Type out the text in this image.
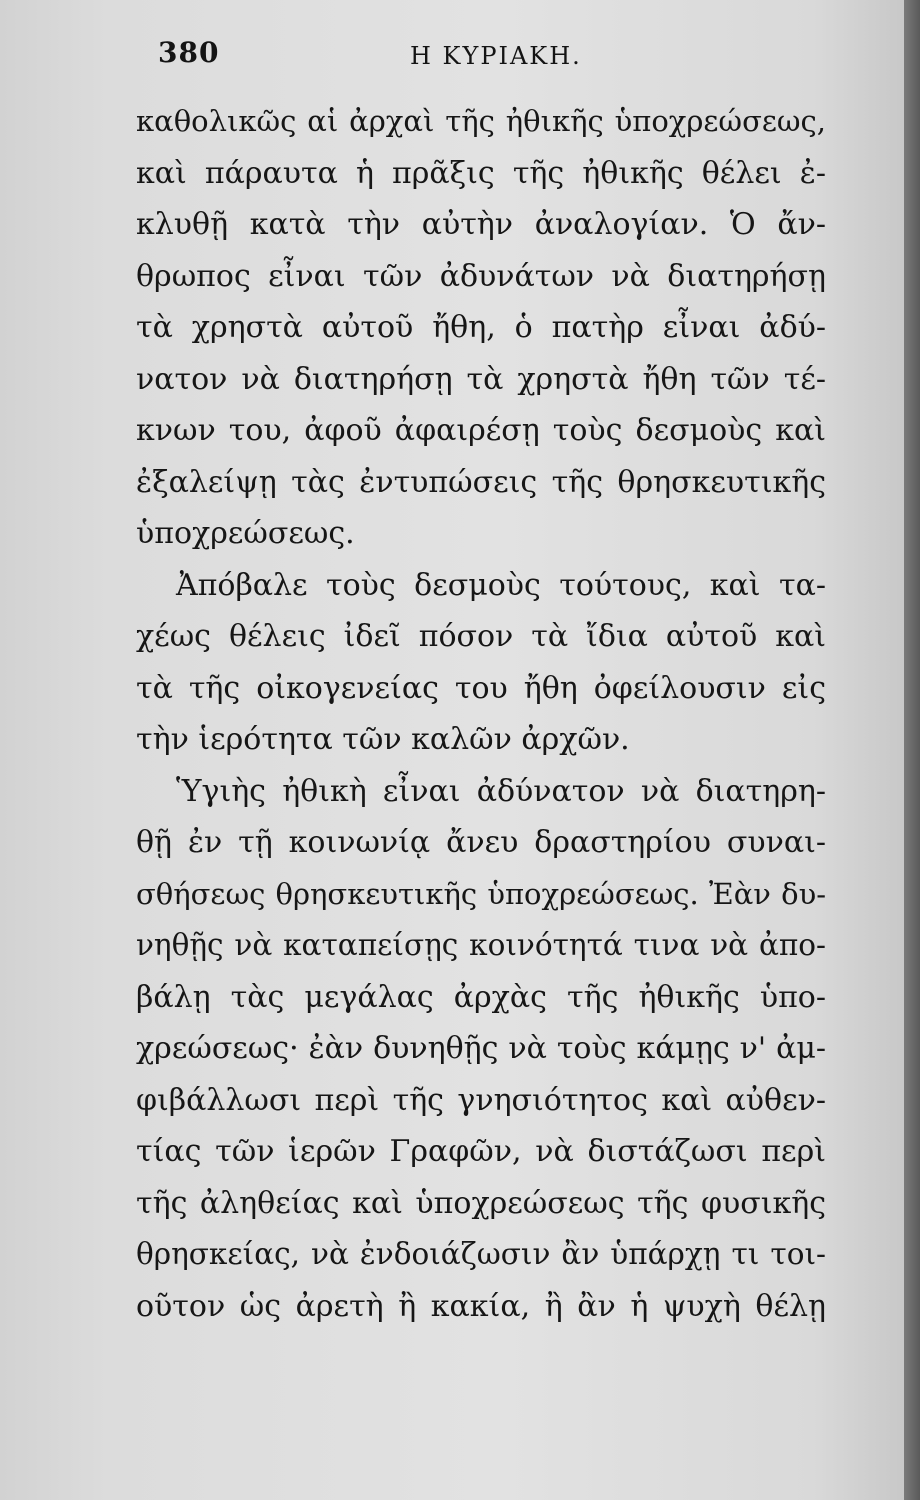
380	Η ΚΥΡΙΑΚΗ.
καθολικῶς αἱ ἀρχαὶ τῆς ἠθικῆς ὑποχρεώσεως,
καὶ πάραυτα ἡ πρᾶξις τῆς ἠθικῆς θέλει ἐ-
κλυθῇ κατὰ τὴν αὐτὴν ἀναλογίαν. Ὁ ἄν-
θρωπος εἶναι τῶν ἀδυνάτων νὰ διατηρήσῃ
τὰ χρηστὰ αὐτοῦ ἤθη, ὁ πατὴρ εἶναι ἀδύ-
νατον νὰ διατηρήσῃ τὰ χρηστὰ ἤθη τῶν τέ-
κνων του, ἀφοῦ ἀφαιρέσῃ τοὺς δεσμοὺς καὶ
ἐξαλείψῃ τὰς ἐντυπώσεις τῆς θρησκευτικῆς
ὑποχρεώσεως.
Ἀπόβαλε τοὺς δεσμοὺς τούτους, καὶ τα-
χέως θέλεις ἰδεῖ πόσον τὰ ἴδια αὐτοῦ καὶ
τὰ τῆς οἰκογενείας του ἤθη ὀφείλουσιν εἰς
τὴν ἱερότητα τῶν καλῶν ἀρχῶν.
Ὑγιὴς ἠθικὴ εἶναι ἀδύνατον νὰ διατηρη-
θῇ ἐν τῇ κοινωνίᾳ ἄνευ δραστηρίου συναι-
σθήσεως θρησκευτικῆς ὑποχρεώσεως. Ἐὰν δυ-
νηθῇς νὰ καταπείσῃς κοινότητά τινα νὰ ἀπο-
βάλῃ τὰς μεγάλας ἀρχὰς τῆς ἠθικῆς ὑπο-
χρεώσεως· ἐὰν δυνηθῇς νὰ τοὺς κάμῃς ν' ἀμ-
φιβάλλωσι περὶ τῆς γνησιότητος καὶ αὐθεν-
τίας τῶν ἱερῶν Γραφῶν, νὰ διστάζωσι περὶ
τῆς ἀληθείας καὶ ὑποχρεώσεως τῆς φυσικῆς
θρησκείας, νὰ ἐνδοιάζωσιν ἂν ὑπάρχῃ τι τοι-
οῦτον ὡς ἀρετὴ ἢ κακία, ἢ ἂν ἡ ψυχὴ θέλῃ
